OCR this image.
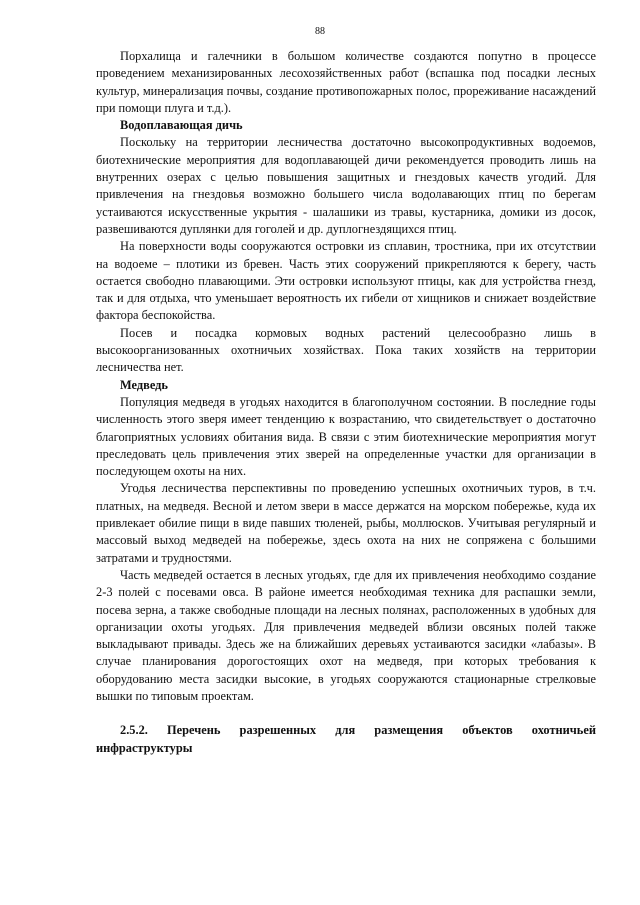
88

Порхалища и галечники в большом количестве создаются попутно в процессе проведением механизированных лесохозяйственных работ (вспашка под посадки лесных культур, минерализация почвы, создание противопожарных полос, прореживание насаждений при помощи плуга и т.д.).

Водоплавающая дичь

Поскольку на территории лесничества достаточно высокопродуктивных водоемов, биотехнические мероприятия для водоплавающей дичи рекомендуется проводить лишь на внутренних озерах с целью повышения защитных и гнездовых качеств угодий. Для привлечения на гнездовья возможно большего числа водолавающих птиц по берегам устаиваются искусственные укрытия - шалашики из травы, кустарника, домики из досок, развешиваются дуплянки для гоголей и др. дуплогнездящихся птиц.

На поверхности воды сооружаются островки из сплавин, тростника, при их отсутствии на водоеме – плотики из бревен. Часть этих сооружений прикрепляются к берегу, часть остается свободно плавающими. Эти островки используют птицы, как для устройства гнезд, так и для отдыха, что уменьшает вероятность их гибели от хищников и снижает воздействие фактора беспокойства.

Посев и посадка кормовых водных растений целесообразно лишь в высокоорганизованных охотничьих хозяйствах. Пока таких хозяйств на территории лесничества нет.

Медведь

Популяция медведя в угодьях находится в благополучном состоянии. В последние годы численность этого зверя имеет тенденцию к возрастанию, что свидетельствует о достаточно благоприятных условиях обитания вида. В связи с этим биотехнические мероприятия могут преследовать цель привлечения этих зверей на определенные участки для организации в последующем охоты на них.

Угодья лесничества перспективны по проведению успешных охотничьих туров, в т.ч. платных, на медведя. Весной и летом звери в массе держатся на морском побережье, куда их привлекает обилие пищи в виде павших тюленей, рыбы, моллюсков. Учитывая регулярный и массовый выход медведей на побережье, здесь охота на них не сопряжена с большими затратами и трудностями.

Часть медведей остается в лесных угодьях, где для их привлечения необходимо создание 2-3 полей с посевами овса. В районе имеется необходимая техника для распашки земли, посева зерна, а также свободные площади на лесных полянах, расположенных в удобных для организации охоты угодьях. Для привлечения медведей вблизи овсяных полей также выкладывают привады. Здесь же на ближайших деревьях устаиваются засидки «лабазы». В случае планирования дорогостоящих охот на медведя, при которых требования к оборудованию места засидки высокие, в угодьях сооружаются стационарные стрелковые вышки по типовым проектам.

2.5.2. Перечень разрешенных для размещения объектов охотничьей инфраструктуры
